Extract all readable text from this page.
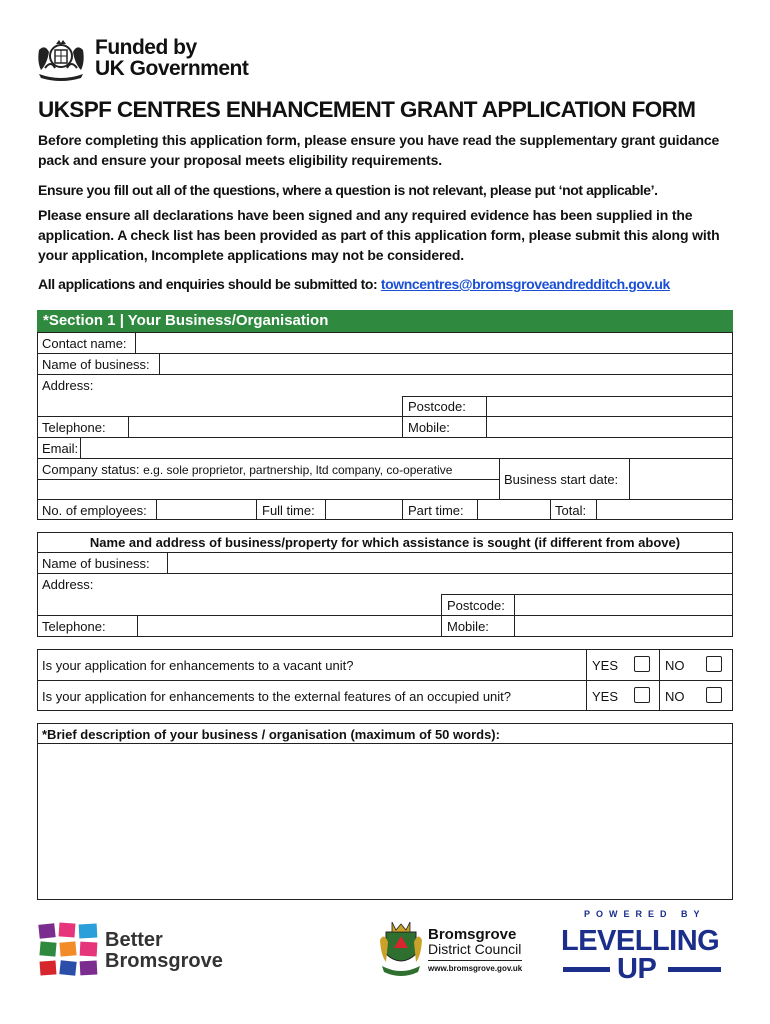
Funded by
UK Government
UKSPF CENTRES ENHANCEMENT GRANT APPLICATION FORM
Before completing this application form, please ensure you have read the supplementary grant guidance pack and ensure your proposal meets eligibility requirements.
Ensure you fill out all of the questions, where a question is not relevant, please put ‘not applicable’.
Please ensure all declarations have been signed and any required evidence has been supplied in the application. A check list has been provided as part of this application form, please submit this along with your application, Incomplete applications may not be considered.
All applications and enquiries should be submitted to: towncentres@bromsgroveandredditch.gov.uk
*Section 1 | Your Business/Organisation
Contact name:
Name of business:
Address:
Postcode:
Telephone:	Mobile:
Email:
Company status: e.g. sole proprietor, partnership, ltd company, co-operative
Business start date:
No. of employees:	Full time:	Part time:	Total:
Name and address of business/property for which assistance is sought (if different from above)
Name of business:
Address:
Postcode:
Telephone:	Mobile:
Is your application for enhancements to a vacant unit?	YES	NO
Is your application for enhancements to the external features of an occupied unit?	YES	NO
*Brief description of your business / organisation (maximum of 50 words):
Better
Bromsgrove
Bromsgrove
District Council
www.bromsgrove.gov.uk
POWERED BY
LEVELLING
UP
